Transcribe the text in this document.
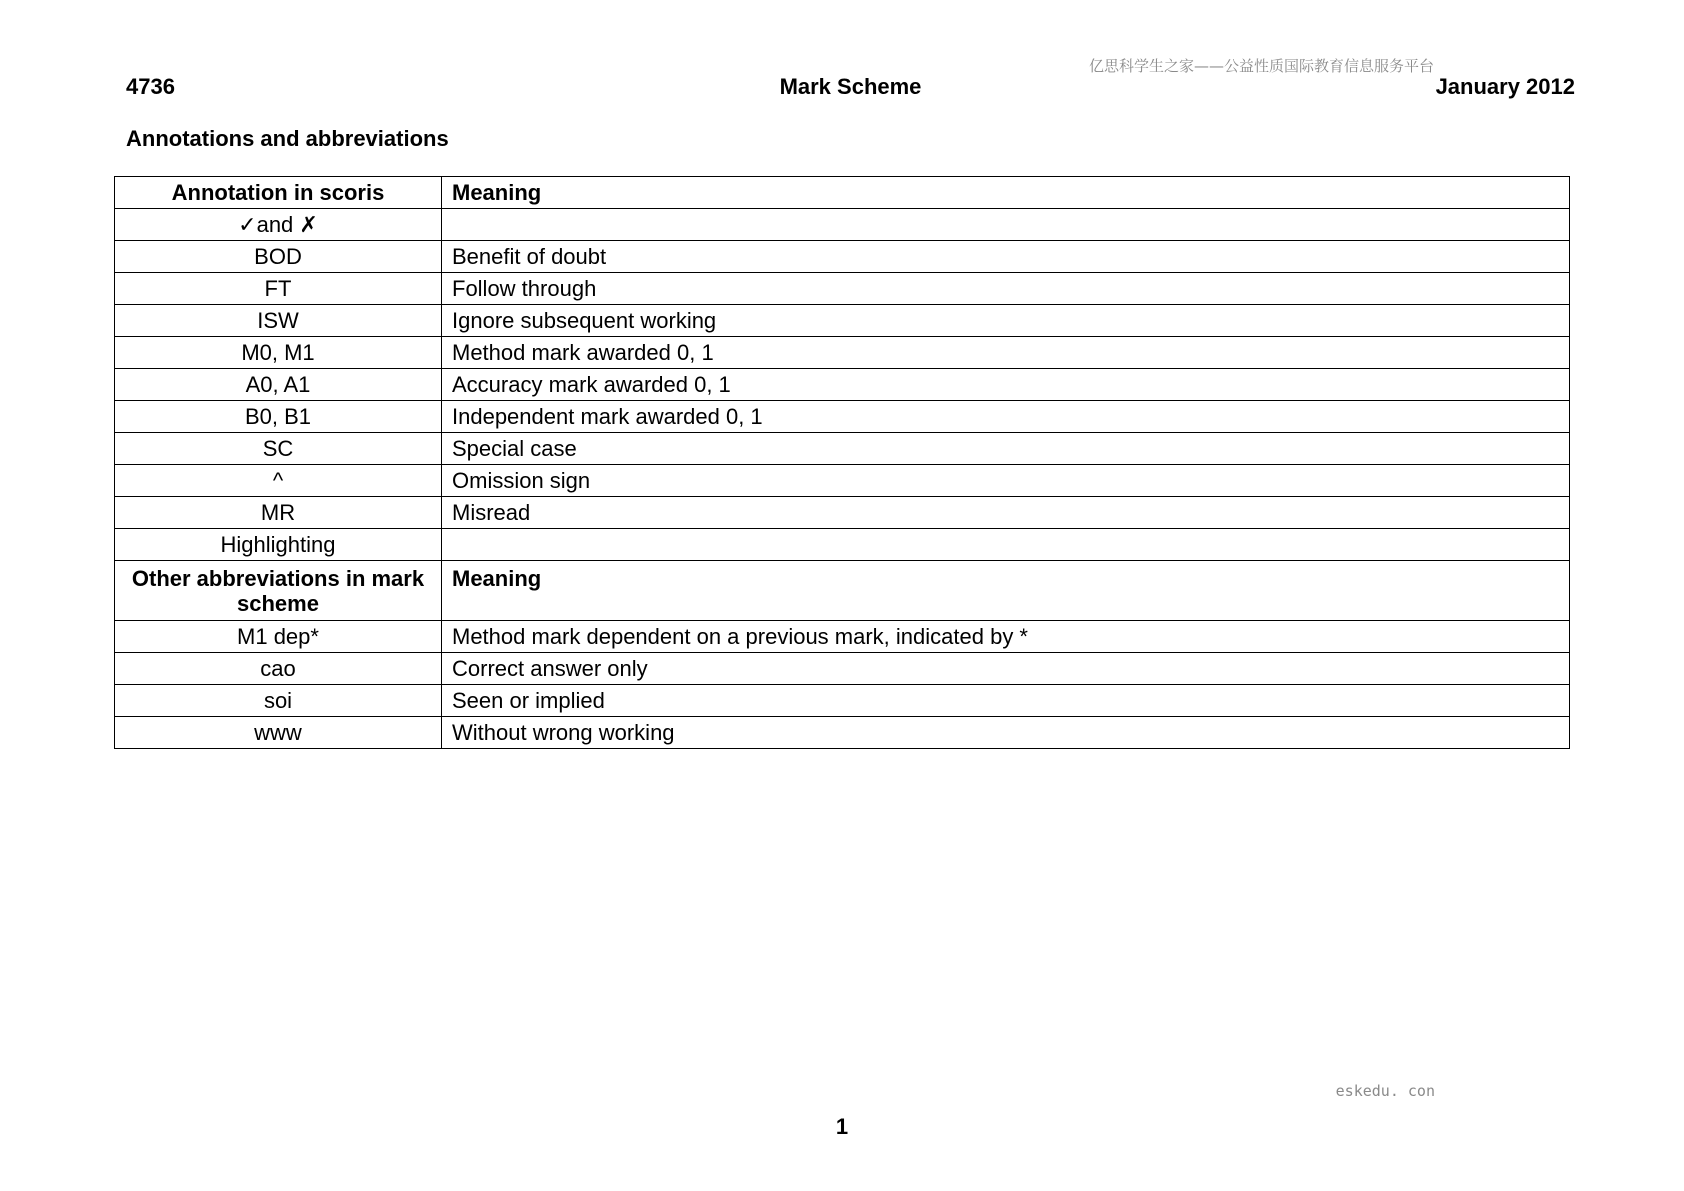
亿思科学生之家——公益性质国际教育信息服务平台
4736	Mark Scheme	January 2012
Annotations and abbreviations
Annotation in scoris	Meaning
✓and ✗	
BOD	Benefit of doubt
FT	Follow through
ISW	Ignore subsequent working
M0, M1	Method mark awarded 0, 1
A0, A1	Accuracy mark awarded 0, 1
B0, B1	Independent mark awarded 0, 1
SC	Special case
^	Omission sign
MR	Misread
Highlighting	
Other abbreviations in mark scheme	Meaning
M1 dep*	Method mark dependent on a previous mark, indicated by *
cao	Correct answer only
soi	Seen or implied
www	Without wrong working
eskedu. con
1
